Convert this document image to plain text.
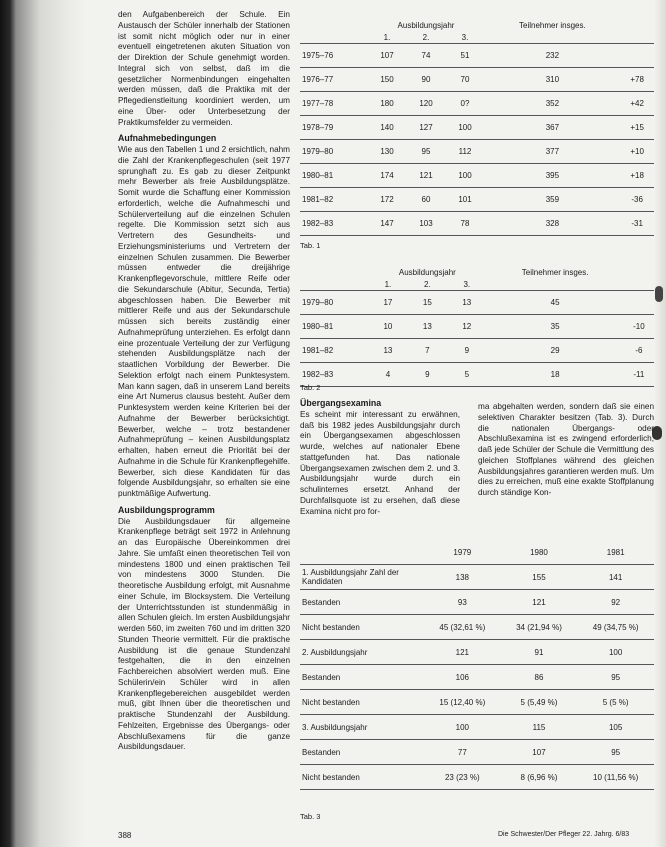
den Aufgabenbereich der Schule. Ein Austausch der Schüler innerhalb der Stationen ist somit nicht möglich oder nur in einer eventuell eingetretenen akuten Situation von der Direktion der Schule genehmigt worden. Integral sich von selbst, daß im die gesetzlicher Normenbindungen eingehalten werden müssen, daß die Praktika mit der Pflegedienstleitung koordiniert werden, um eine Über- oder Unterbesetzung der Praktikumsfelder zu vermeiden.

Aufnahmebedingungen

Wie aus den Tabellen 1 und 2 ersichtlich, nahm die Zahl der Krankenpflegeschulen (seit 1977 sprunghaft zu. Es gab zu dieser Zeitpunkt mehr Bewerber als freie Ausbildungsplätze. Somit wurde die Schaffung einer Kommission erforderlich, welche die Aufnahmeschi und Schülerverteilung auf die einzelnen Schulen regelte. Die Kommission setzt sich aus Vertretern des Gesundheits- und Erziehungsministeriums und Vertretern der einzelnen Schulen zusammen. Die Bewerber müssen entweder die dreijährige Krankenpflegevorschule, mittlere Reife oder die Sekundarschule (Abitur, Secunda, Tertia) abgeschlossen haben. Die Bewerber mit mittlerer Reife und aus der Sekundarschule müssen sich bereits zuständig einer Aufnahmeprüfung unterziehen. Es erfolgt dann eine prozentuale Verteilung der zur Verfügung stehenden Ausbildungsplätze nach der staatlichen Vorbildung der Bewerber. Die Selektion erfolgt nach einem Punktesystem. Man kann sagen, daß in unserem Land bereits eine Art Numerus clausus besteht. Außer dem Punktesystem werden keine Kriterien bei der Aufnahme der Bewerber berücksichtigt. Bewerber, welche – trotz bestandener Aufnahmeprüfung – keinen Ausbildungsplatz erhalten, haben erneut die Priorität bei der Aufnahme in die Schule für Krankenpflegehilfe. Bewerber, sich diese Kandidaten für das folgende Ausbildungsjahr, so erhalten sie eine punktmäßige Aufwertung.

Ausbildungsprogramm

Die Ausbildungsdauer für allgemeine Krankenpflege beträgt seit 1972 in Anlehnung an das Europäische Übereinkommen drei Jahre. Sie umfaßt einen theoretischen Teil von mindestens 1800 und einen praktischen Teil von mindestens 3000 Stunden. Die theoretische Ausbildung erfolgt, mit Ausnahme einer Schule, im Blocksystem. Die Verteilung der Unterrichtsstunden ist stundenmäßig in allen Schulen gleich. Im ersten Ausbildungsjahr werden 560, im zweiten 760 und im dritten 320 Stunden Theorie vermittelt. Für die praktische Ausbildung ist die genaue Stundenzahl festgehalten, die in den einzelnen Fachbereichen absolviert werden muß. Eine Schülerin/ein Schüler wird in allen Krankenpflegebereichen ausgebildet werden muß, gibt Ihnen über die theoretischen und praktische Stundenzahl der Ausbildung. Fehlzeiten, Ergebnisse des Übergangs- oder Abschlußexamens für die ganze Ausbildungsdauer.

	Ausbildungsjahr			Teilnehmer insges.	
	1.	2.	3.		
1975–76	107	74	51	232	
1976–77	150	90	70	310	+78
1977–78	180	120	0?	352	+42
1978–79	140	127	100	367	+15
1979–80	130	95	112	377	+10
1980–81	174	121	100	395	+18
1981–82	172	60	101	359	-36
1982–83	147	103	78	328	-31
Tab. 1
	Ausbildungsjahr			Teilnehmer insges.	
	1.	2.	3.		
1979–80	17	15	13	45	
1980–81	10	13	12	35	-10
1981–82	13	7	9	29	-6
1982–83	4	9	5	18	-11
Tab. 2
Übergangsexamina

Es scheint mir interessant zu erwähnen, daß bis 1982 jedes Ausbildungsjahr durch ein Übergangsexamen abgeschlossen wurde, welches auf nationaler Ebene stattgefunden hat. Das nationale Übergangsexamen zwischen dem 2. und 3. Ausbildungsjahr wurde durch ein schulinternes ersetzt. Anhand der Durchfallsquote ist zu ersehen, daß diese Examina nicht pro for-

ma abgehalten werden, sondern daß sie einen selektiven Charakter besitzen (Tab. 3). Durch die nationalen Übergangs- oder Abschlußexamina ist es zwingend erforderlich, daß jede Schüler der Schule die Vermittlung des gleichen Stoffplanes während des gleichen Ausbildungsjahres garantieren werden muß. Um dies zu erreichen, muß eine exakte Stoffplanung durch ständige Kon-

	1979	1980	1981
1. Ausbildungsjahr Zahl der Kandidaten	138	155	141
Bestanden	93	121	92
Nicht bestanden	45 (32,61 %)	34 (21,94 %)	49 (34,75 %)
2. Ausbildungsjahr	121	91	100
Bestanden	106	86	95
Nicht bestanden	15 (12,40 %)	5 (5,49 %)	5 (5 %)
3. Ausbildungsjahr	100	115	105
Bestanden	77	107	95
Nicht bestanden	23 (23 %)	8 (6,96 %)	10 (11,56 %)
Tab. 3
388	Die Schwester/Der Pfleger 22. Jahrg. 6/83
